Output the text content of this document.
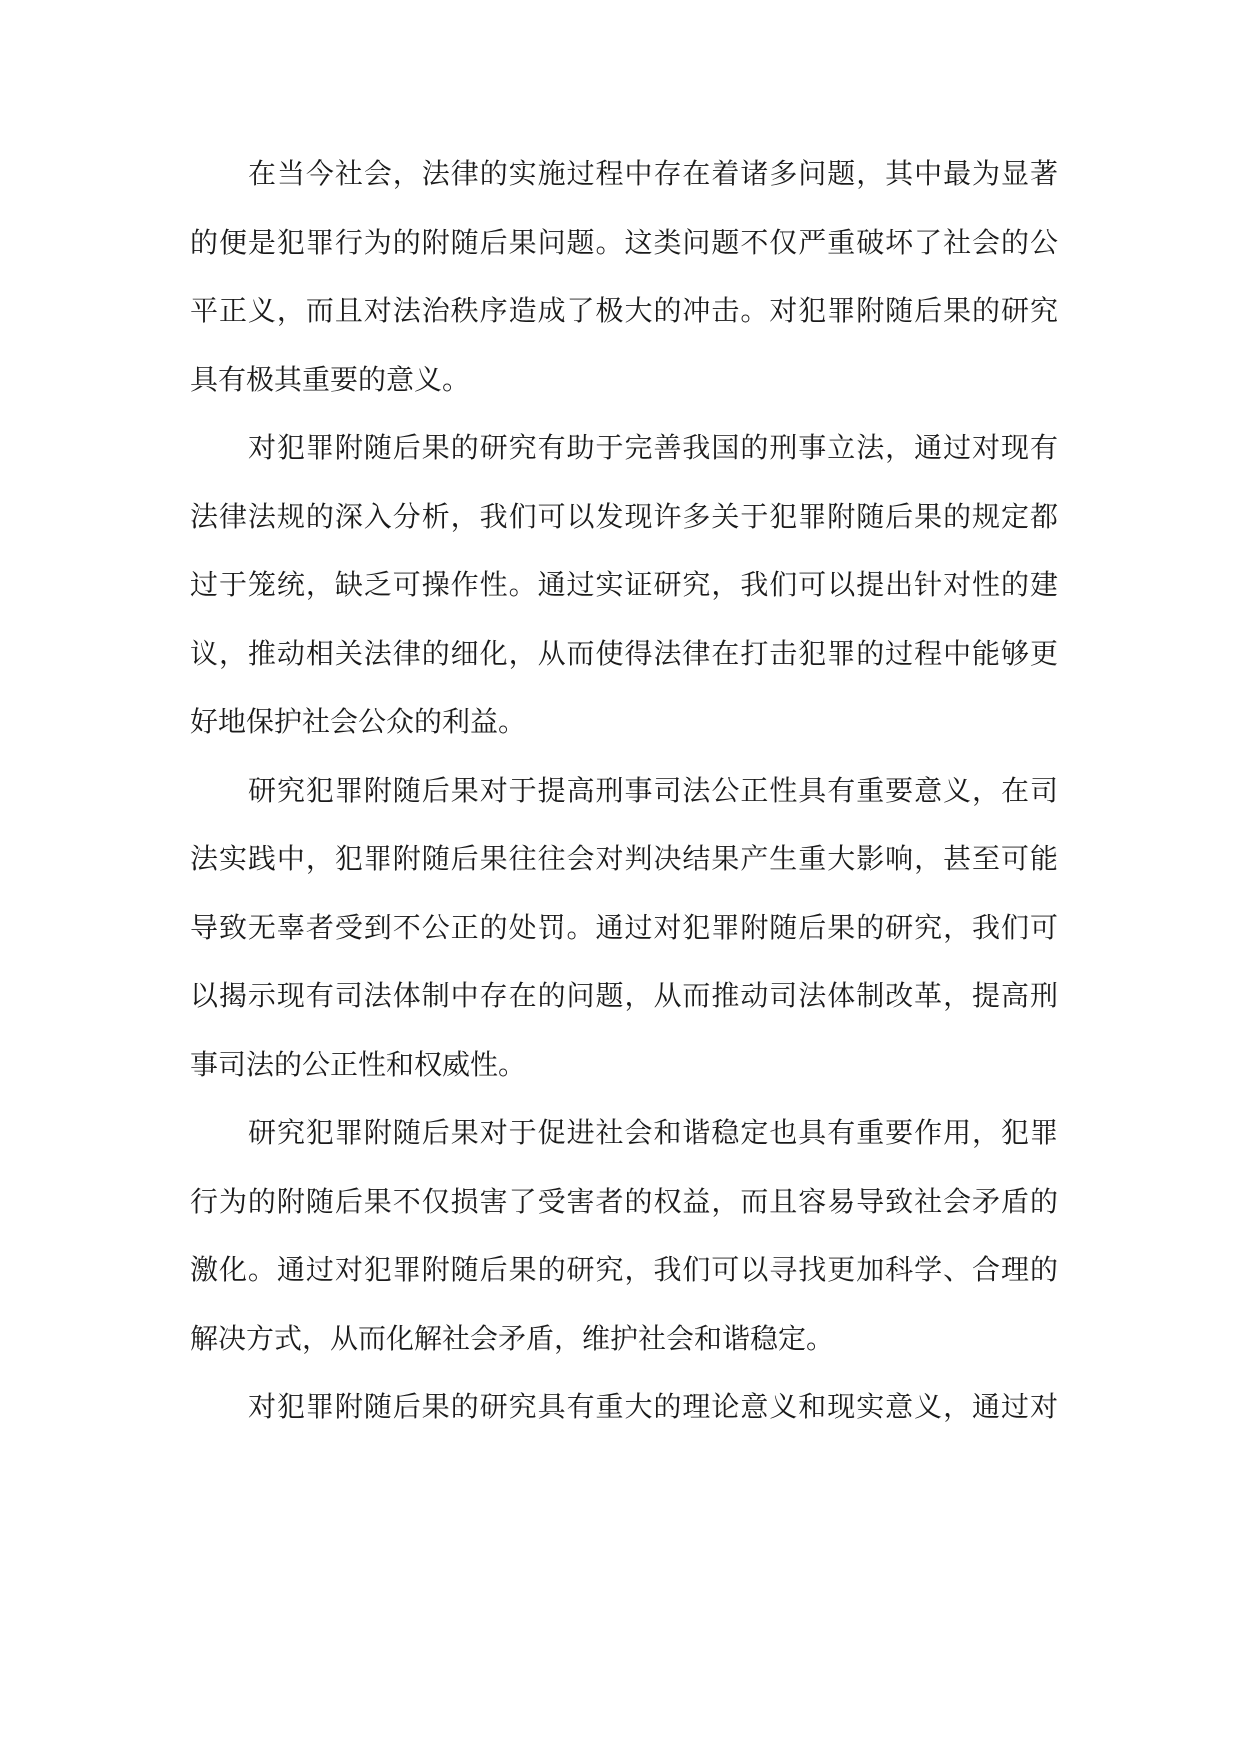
在当今社会，法律的实施过程中存在着诸多问题，其中最为显著
的便是犯罪行为的附随后果问题。这类问题不仅严重破坏了社会的公
平正义，而且对法治秩序造成了极大的冲击。对犯罪附随后果的研究
具有极其重要的意义。
对犯罪附随后果的研究有助于完善我国的刑事立法，通过对现有
法律法规的深入分析，我们可以发现许多关于犯罪附随后果的规定都
过于笼统，缺乏可操作性。通过实证研究，我们可以提出针对性的建
议，推动相关法律的细化，从而使得法律在打击犯罪的过程中能够更
好地保护社会公众的利益。
研究犯罪附随后果对于提高刑事司法公正性具有重要意义，在司
法实践中，犯罪附随后果往往会对判决结果产生重大影响，甚至可能
导致无辜者受到不公正的处罚。通过对犯罪附随后果的研究，我们可
以揭示现有司法体制中存在的问题，从而推动司法体制改革，提高刑
事司法的公正性和权威性。
研究犯罪附随后果对于促进社会和谐稳定也具有重要作用，犯罪
行为的附随后果不仅损害了受害者的权益，而且容易导致社会矛盾的
激化。通过对犯罪附随后果的研究，我们可以寻找更加科学、合理的
解决方式，从而化解社会矛盾，维护社会和谐稳定。
对犯罪附随后果的研究具有重大的理论意义和现实意义，通过对
